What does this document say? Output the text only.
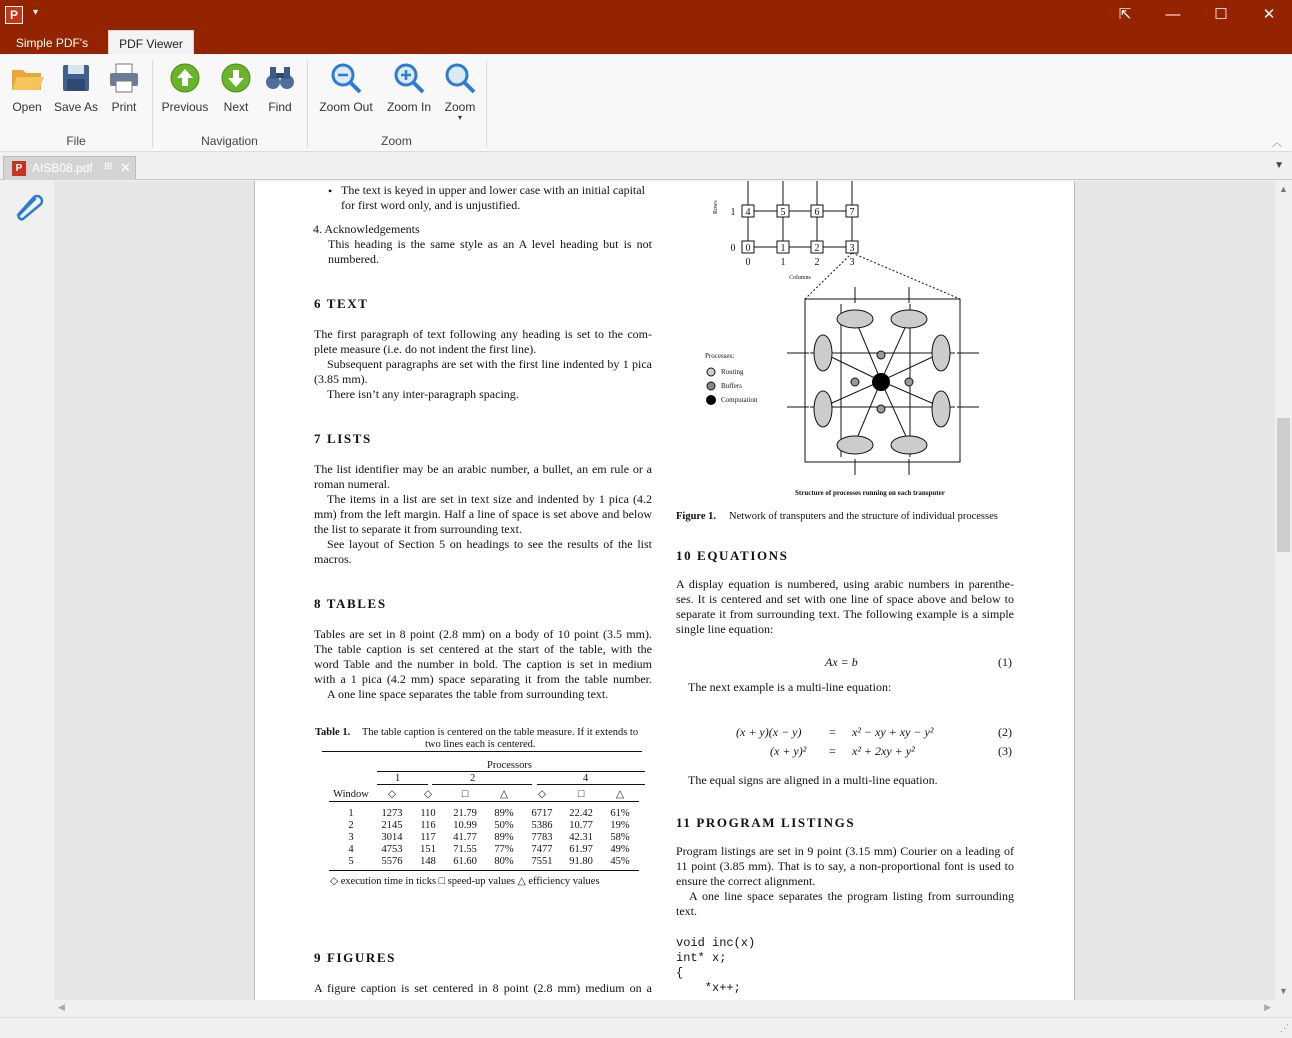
P	▾	⇱	—	☐	✕
Simple PDF's	PDF Viewer
Open	Save As	Print
File
Previous	Next	Find
Navigation
Zoom Out Zoom In	Zoom
▾
Zoom	︿
P AISB08.pdf ⊞ ✕	▼
• The text is keyed in upper and lower case with an initial capital
for first word only, and is unjustified.
4. Acknowledgements
This heading is the same style as an A level heading but is not
numbered.
6 TEXT
The first paragraph of text following any heading is set to the com-
plete measure (i.e. do not indent the first line).
Subsequent paragraphs are set with the first line indented by 1 pica
(3.85 mm).
There isn’t any inter-paragraph spacing.
7 LISTS
The list identifier may be an arabic number, a bullet, an em rule or a
roman numeral.
The items in a list are set in text size and indented by 1 pica (4.2
mm) from the left margin. Half a line of space is set above and below
the list to separate it from surrounding text.
See layout of Section 5 on headings to see the results of the list
macros.
8 TABLES
Tables are set in 8 point (2.8 mm) on a body of 10 point (3.5 mm).
The table caption is set centered at the start of the table, with the
word Table and the number in bold. The caption is set in medium
with a 1 pica (4.2 mm) space separating it from the table number.
A one line space separates the table from surrounding text.
Table 1. The table caption is centered on the table measure. If it extends to
two lines each is centered.
Processors
1	2	4
Window	◇	◇	□	△	◇	□	△

1	1273	110	21.79	89%	6717	22.42	61%
2	2145	116	10.99	50%	5386	10.77	19%
3	3014	117	41.77	89%	7783	42.31	58%
4	4753	151	71.55	77%	7477	61.97	49%
5	5576	148	61.60	80%	7551	91.80	45%

◇ execution time in ticks □ speed-up values △ efficiency values
9 FIGURES
A figure caption is set centered in 8 point (2.8 mm) medium on a
1
0
4	5	6	7
0	1	2	3
0	1	2	3
Columns
Rows
Processes:
Routing
Buffers
Computation
Structure of processes running on each transputer
Figure 1. Network of transputers and the structure of individual processes
10 EQUATIONS
A display equation is numbered, using arabic numbers in parenthe-
ses. It is centered and set with one line of space above and below to
separate it from surrounding text. The following example is a simple
single line equation:
Ax = b	(1)
The next example is a multi-line equation:
(x + y)(x − y) = x² − xy + xy − y²	(2)
(x + y)² = x² + 2xy + y²	(3)
The equal signs are aligned in a multi-line equation.
11 PROGRAM LISTINGS
Program listings are set in 9 point (3.15 mm) Courier on a leading of
11 point (3.85 mm). That is to say, a non-proportional font is used to
ensure the correct alignment.
A one line space separates the program listing from surrounding
text.
void inc(x)
int* x;
{
*x++;
▲
▼
◀	▶
⋰
